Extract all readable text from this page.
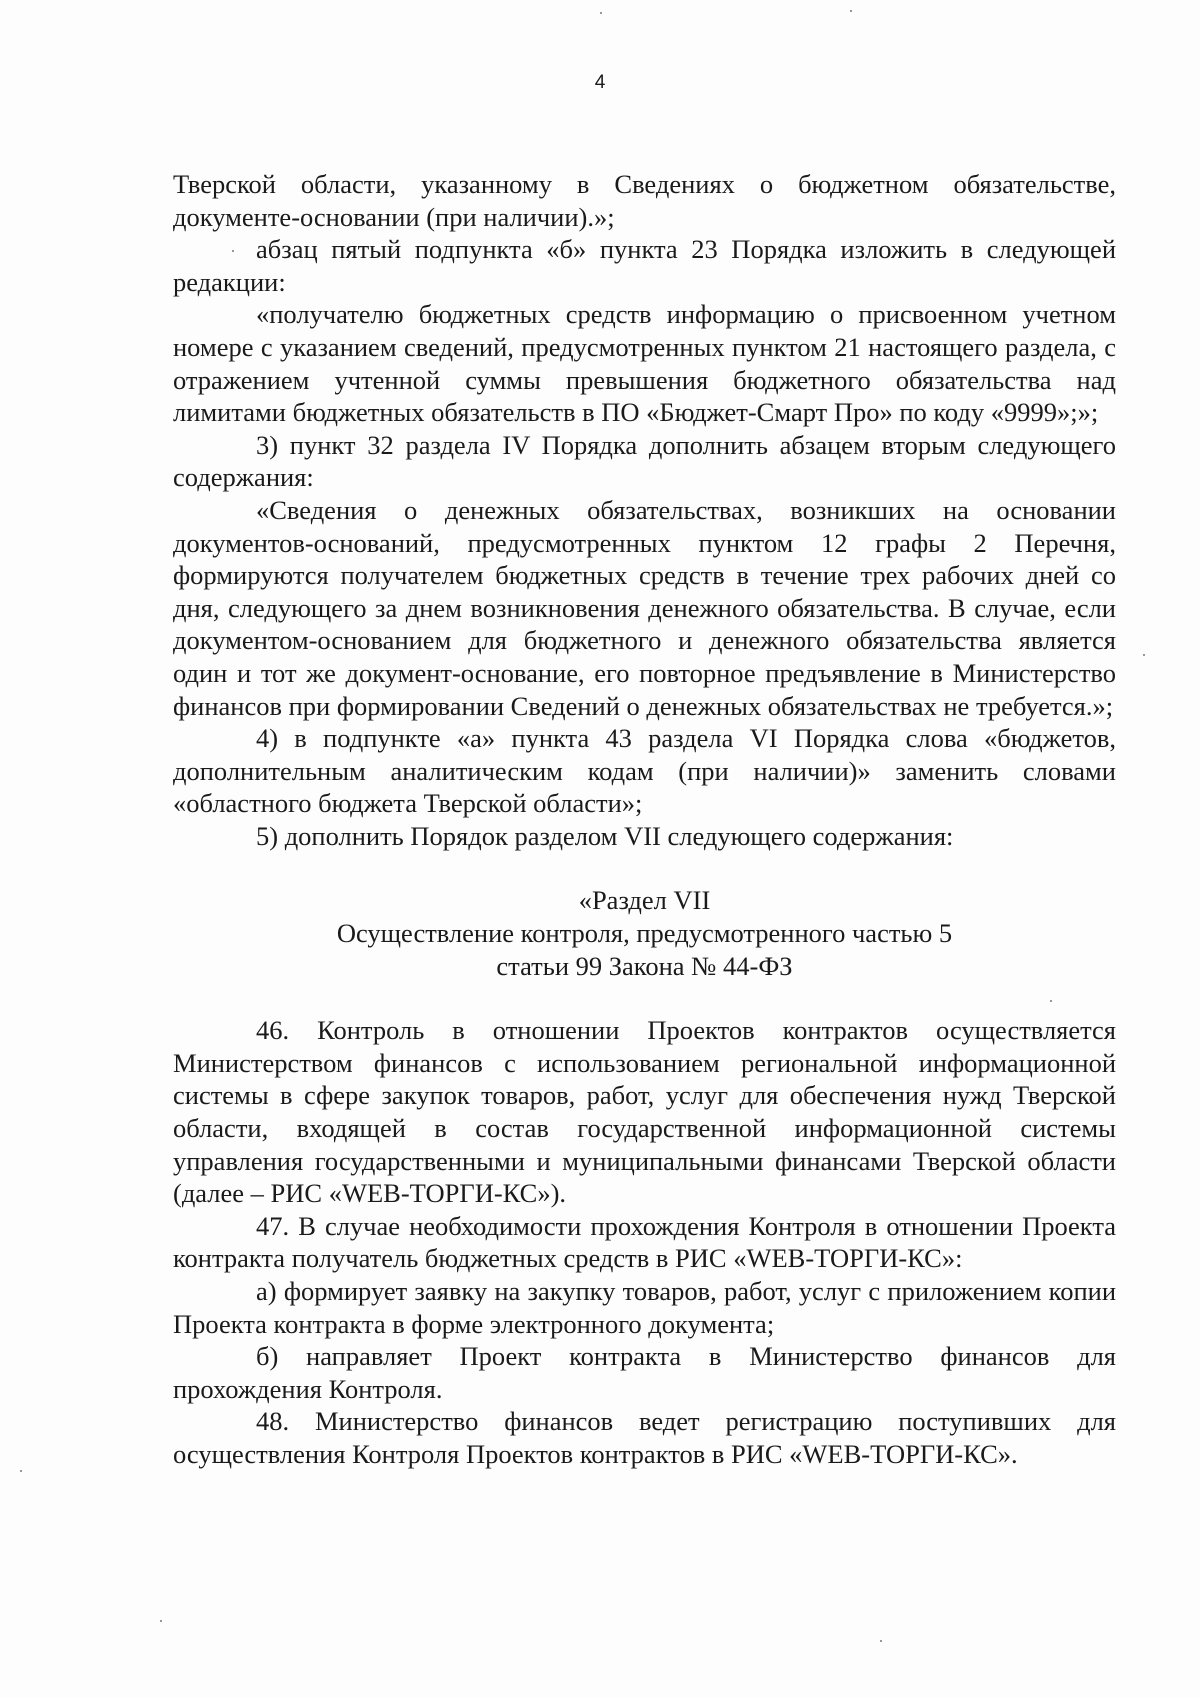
4

Тверской области, указанному в Сведениях о бюджетном обязательстве, документе-основании (при наличии).»;

абзац пятый подпункта «б» пункта 23 Порядка изложить в следующей редакции:

«получателю бюджетных средств информацию о присвоенном учетном номере с указанием сведений, предусмотренных пунктом 21 настоящего раздела, с отражением учтенной суммы превышения бюджетного обязательства над лимитами бюджетных обязательств в ПО «Бюджет-Смарт Про» по коду «9999»;»;

3) пункт 32 раздела IV Порядка дополнить абзацем вторым следующего содержания:

«Сведения о денежных обязательствах, возникших на основании документов-оснований, предусмотренных пунктом 12 графы 2 Перечня, формируются получателем бюджетных средств в течение трех рабочих дней со дня, следующего за днем возникновения денежного обязательства. В случае, если документом-основанием для бюджетного и денежного обязательства является один и тот же документ-основание, его повторное предъявление в Министерство финансов при формировании Сведений о денежных обязательствах не требуется.»;

4) в подпункте «а» пункта 43 раздела VI Порядка слова «бюджетов, дополнительным аналитическим кодам (при наличии)» заменить словами «областного бюджета Тверской области»;

5) дополнить Порядок разделом VII следующего содержания:

«Раздел VII
Осуществление контроля, предусмотренного частью 5
статьи 99 Закона № 44-ФЗ

46. Контроль в отношении Проектов контрактов осуществляется Министерством финансов с использованием региональной информационной системы в сфере закупок товаров, работ, услуг для обеспечения нужд Тверской области, входящей в состав государственной информационной системы управления государственными и муниципальными финансами Тверской области (далее – РИС «WEB-ТОРГИ-КС»).

47. В случае необходимости прохождения Контроля в отношении Проекта контракта получатель бюджетных средств в РИС «WEB-ТОРГИ-КС»:

а) формирует заявку на закупку товаров, работ, услуг с приложением копии Проекта контракта в форме электронного документа;

б) направляет Проект контракта в Министерство финансов для прохождения Контроля.

48. Министерство финансов ведет регистрацию поступивших для осуществления Контроля Проектов контрактов в РИС «WEB-ТОРГИ-КС».
